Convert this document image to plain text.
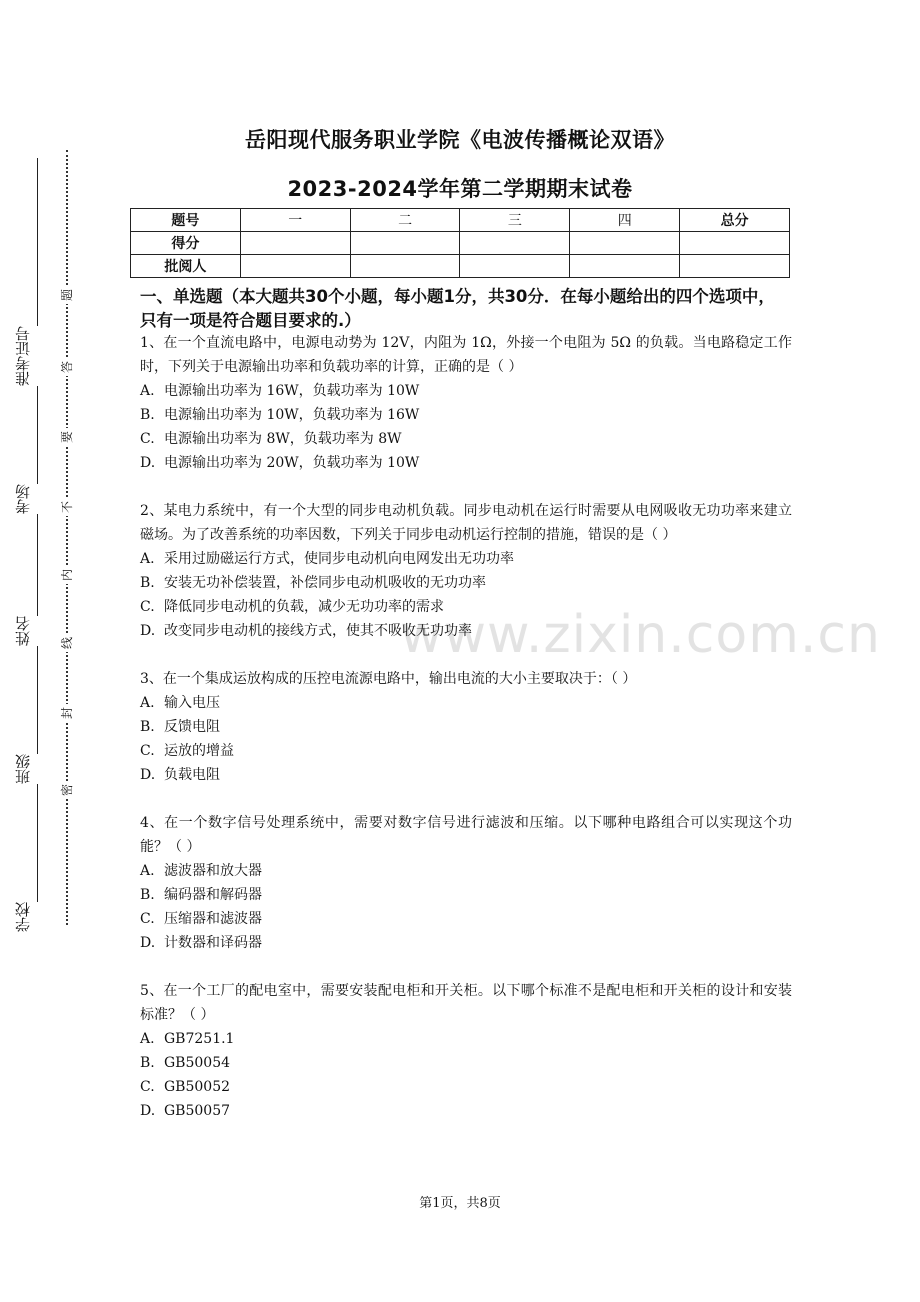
学校
班级
姓名
考场
准考证号
密
封
线
内
不
要
答
题
岳阳现代服务职业学院《电波传播概论双语》
2023-2024学年第二学期期末试卷
题号	一	二	三	四	总分
得分					
批阅人					
一、单选题（本大题共30个小题，每小题1分，共30分．在每小题给出的四个选项中，只有一项是符合题目要求的.）
www.zixin.com.cn

1、在一个直流电路中，电源电动势为 12V，内阻为 1Ω，外接一个电阻为 5Ω 的负载。当电路稳定工作时，下列关于电源输出功率和负载功率的计算，正确的是（ ）

A. 电源输出功率为 16W，负载功率为 10W

B. 电源输出功率为 10W，负载功率为 16W

C. 电源输出功率为 8W，负载功率为 8W

D. 电源输出功率为 20W，负载功率为 10W

2、某电力系统中，有一个大型的同步电动机负载。同步电动机在运行时需要从电网吸收无功功率来建立磁场。为了改善系统的功率因数，下列关于同步电动机运行控制的措施，错误的是（ ）

A. 采用过励磁运行方式，使同步电动机向电网发出无功功率

B. 安装无功补偿装置，补偿同步电动机吸收的无功功率

C. 降低同步电动机的负载，减少无功功率的需求

D. 改变同步电动机的接线方式，使其不吸收无功功率

3、在一个集成运放构成的压控电流源电路中，输出电流的大小主要取决于：（ ）

A. 输入电压

B. 反馈电阻

C. 运放的增益

D. 负载电阻

4、在一个数字信号处理系统中，需要对数字信号进行滤波和压缩。以下哪种电路组合可以实现这个功能？（ ）

A. 滤波器和放大器

B. 编码器和解码器

C. 压缩器和滤波器

D. 计数器和译码器

5、在一个工厂的配电室中，需要安装配电柜和开关柜。以下哪个标准不是配电柜和开关柜的设计和安装标准？（ ）

A. GB7251.1

B. GB50054

C. GB50052

D. GB50057

第1页，共8页
